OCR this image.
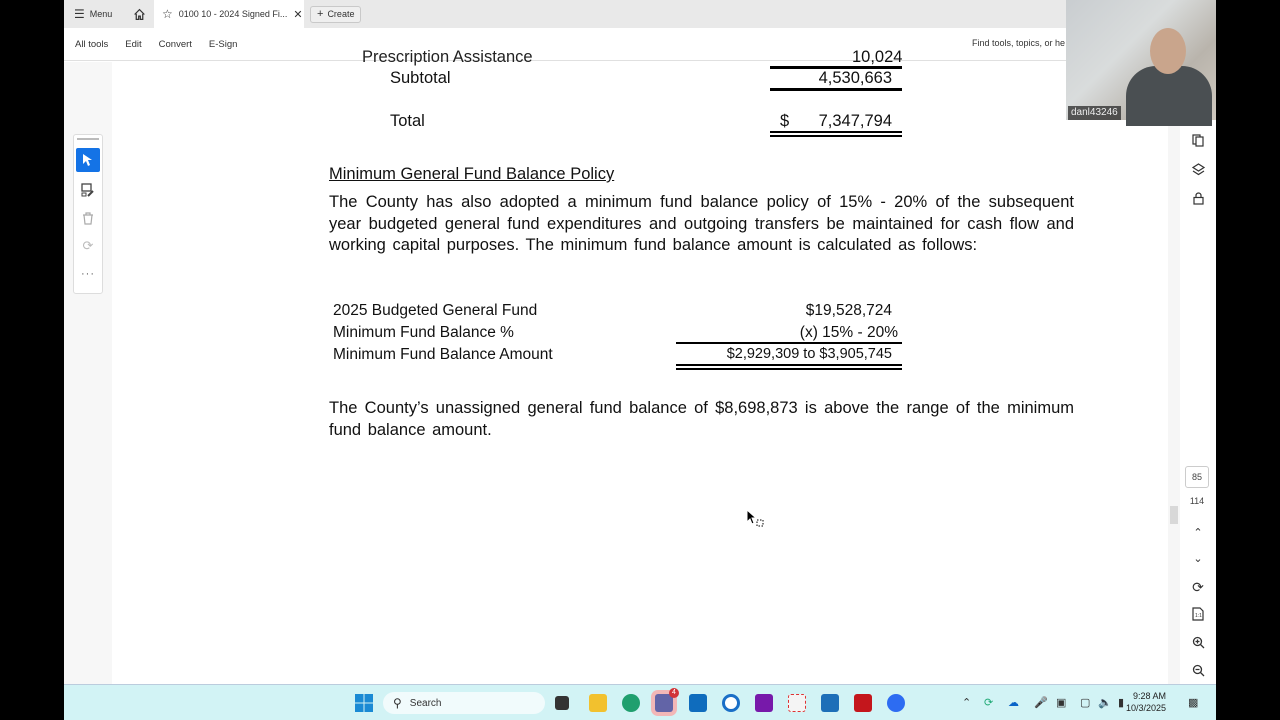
☰ Menu	☆ 0100 10 - 2024 Signed Fi... ✕ + Create
All tools Edit Convert E-Sign	Find tools, topics, or he
⟳
···
Prescription Assistance	10,024
Subtotal	4,530,663
Total	$	7,347,794
Minimum General Fund Balance Policy
The County has also adopted a minimum fund balance policy of 15% - 20% of the subsequent year budgeted general fund expenditures and outgoing transfers be maintained for cash flow and working capital purposes. The minimum fund balance amount is calculated as follows:
2025 Budgeted General Fund	$19,528,724
Minimum Fund Balance %	(x) 15% - 20%
Minimum Fund Balance Amount	$2,929,309 to $3,905,745
The County’s unassigned general fund balance of $8,698,873 is above the range of the minimum fund balance amount.
85
114
⌃
⌄
⟳
1:1
danl43246
⚲ Search
4
⌃ ⟳ ☁ 🎤 ▣ ▢ 🔈 ▮
9:28 AM
10/3/2025 ▩
